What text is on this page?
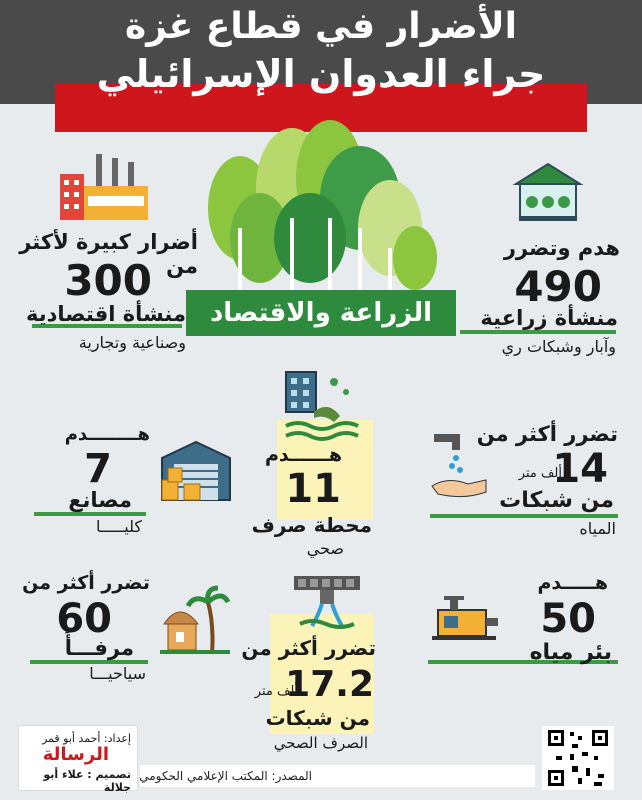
الأضرار في قطاع غزة
جراء العدوان الإسرائيلي
الزراعة والاقتصاد
أضرار كبيرة لأكثر من
300
منشأة اقتصادية
وصناعية وتجارية
هدم وتضرر
490
منشأة زراعية
وآبار وشبكات ري
هــــــدم
11
محطة صرف
صحي
هــــــــدم
7
مصانع
كليـــــا
تضرر أكثر من
14
ألف متر
من شبكات
المياه
تضرر أكثر من
60
مرفـــأً
سياحيـــا
تضرر أكثر من
17.2
ألف متر
من شبكات
الصرف الصحي
هـــــدم
50
بئر مياه
إعداد: أحمد أبو قمر
الرسالة
تصميم : علاء أبو جلالة
المصدر: المكتب الإعلامي الحكومي
